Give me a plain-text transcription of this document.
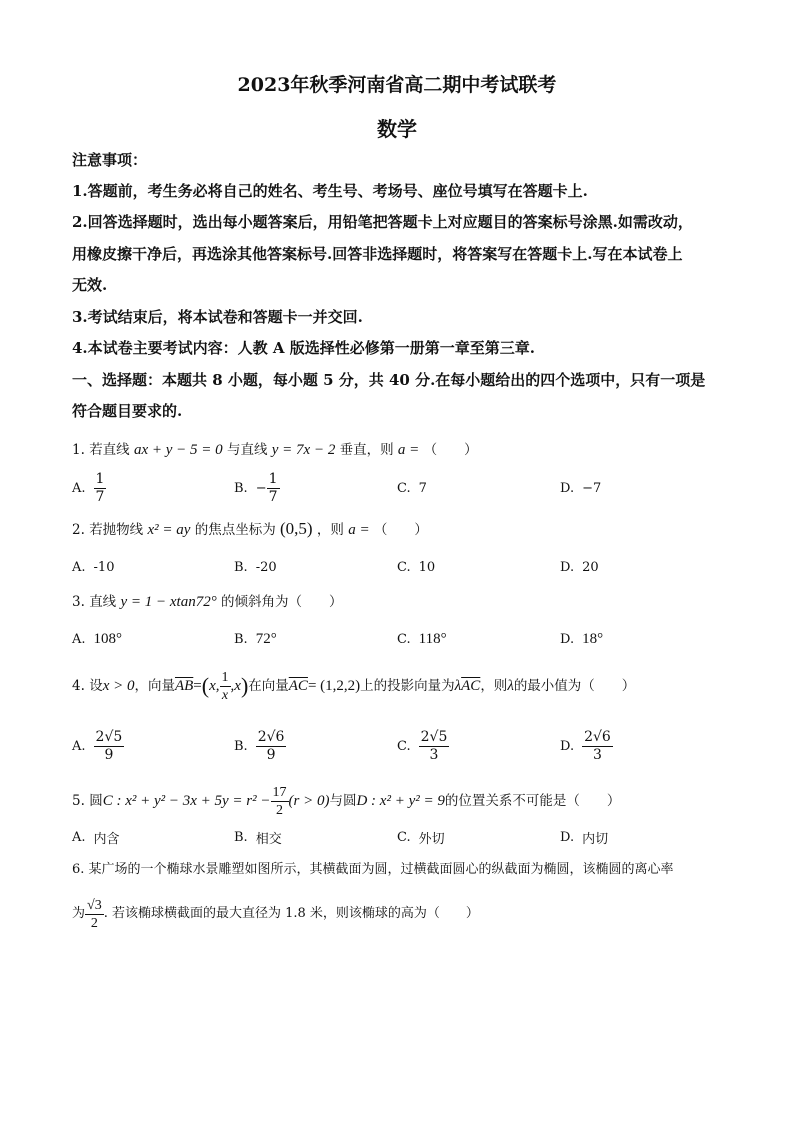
2023年秋季河南省高二期中考试联考
数学
注意事项：
1.答题前，考生务必将自己的姓名、考生号、考场号、座位号填写在答题卡上.
2.回答选择题时，选出每小题答案后，用铅笔把答题卡上对应题目的答案标号涂黑.如需改动，
用橡皮擦干净后，再选涂其他答案标号.回答非选择题时，将答案写在答题卡上.写在本试卷上
无效.
3.考试结束后，将本试卷和答题卡一并交回.
4.本试卷主要考试内容：人教 A 版选择性必修第一册第一章至第三章.
一、选择题：本题共 8 小题，每小题 5 分，共 40 分.在每小题给出的四个选项中，只有一项是
符合题目要求的.
1. 若直线 ax + y − 5 = 0 与直线 y = 7x − 2 垂直，则 a = （　　）
A. $\frac{1}{7}$	B. − $\frac{1}{7}$	C. 7	D. −7
2. 若抛物线 x² = ay 的焦点坐标为 (0,5) ，则 a = （　　）
A. -10	B. -20	C. 10	D. 20
3. 直线 y = 1 − xtan72° 的倾斜角为（　　）
A. 108°	B. 72°	C. 118°	D. 18°
4.
设 x > 0 ，向量 $\overline{AB}$ = ( x, $\frac{1}{x} ,x$ ) 在向量 $\overline{AC} = (1,2,2)$ 上的投影向量为 λ $\overline{AC}$ ，则 λ 的最小值为（　　）
A. $\frac{2√5}{9}$	B. $\frac{2√6}{9}$	C. $\frac{2√5}{3}$	D. $\frac{2√6}{3}$
5.
圆 C : $x^2 + y^2 - 3x + 5y = r^2 - \frac{17}{2} (r > 0)$ 与圆 D : x² + y² = 9 的位置关系不可能是（　　）
A. 内含	B. 相交	C. 外切	D. 内切
6. 某广场的一个椭球水景雕塑如图所示，其横截面为圆，过横截面圆心的纵截面为椭圆，该椭圆的离心率
为 $\frac{√3}{2}$ . 若该椭球横截面的最大直径为 1.8 米，则该椭球的高为（　　）
